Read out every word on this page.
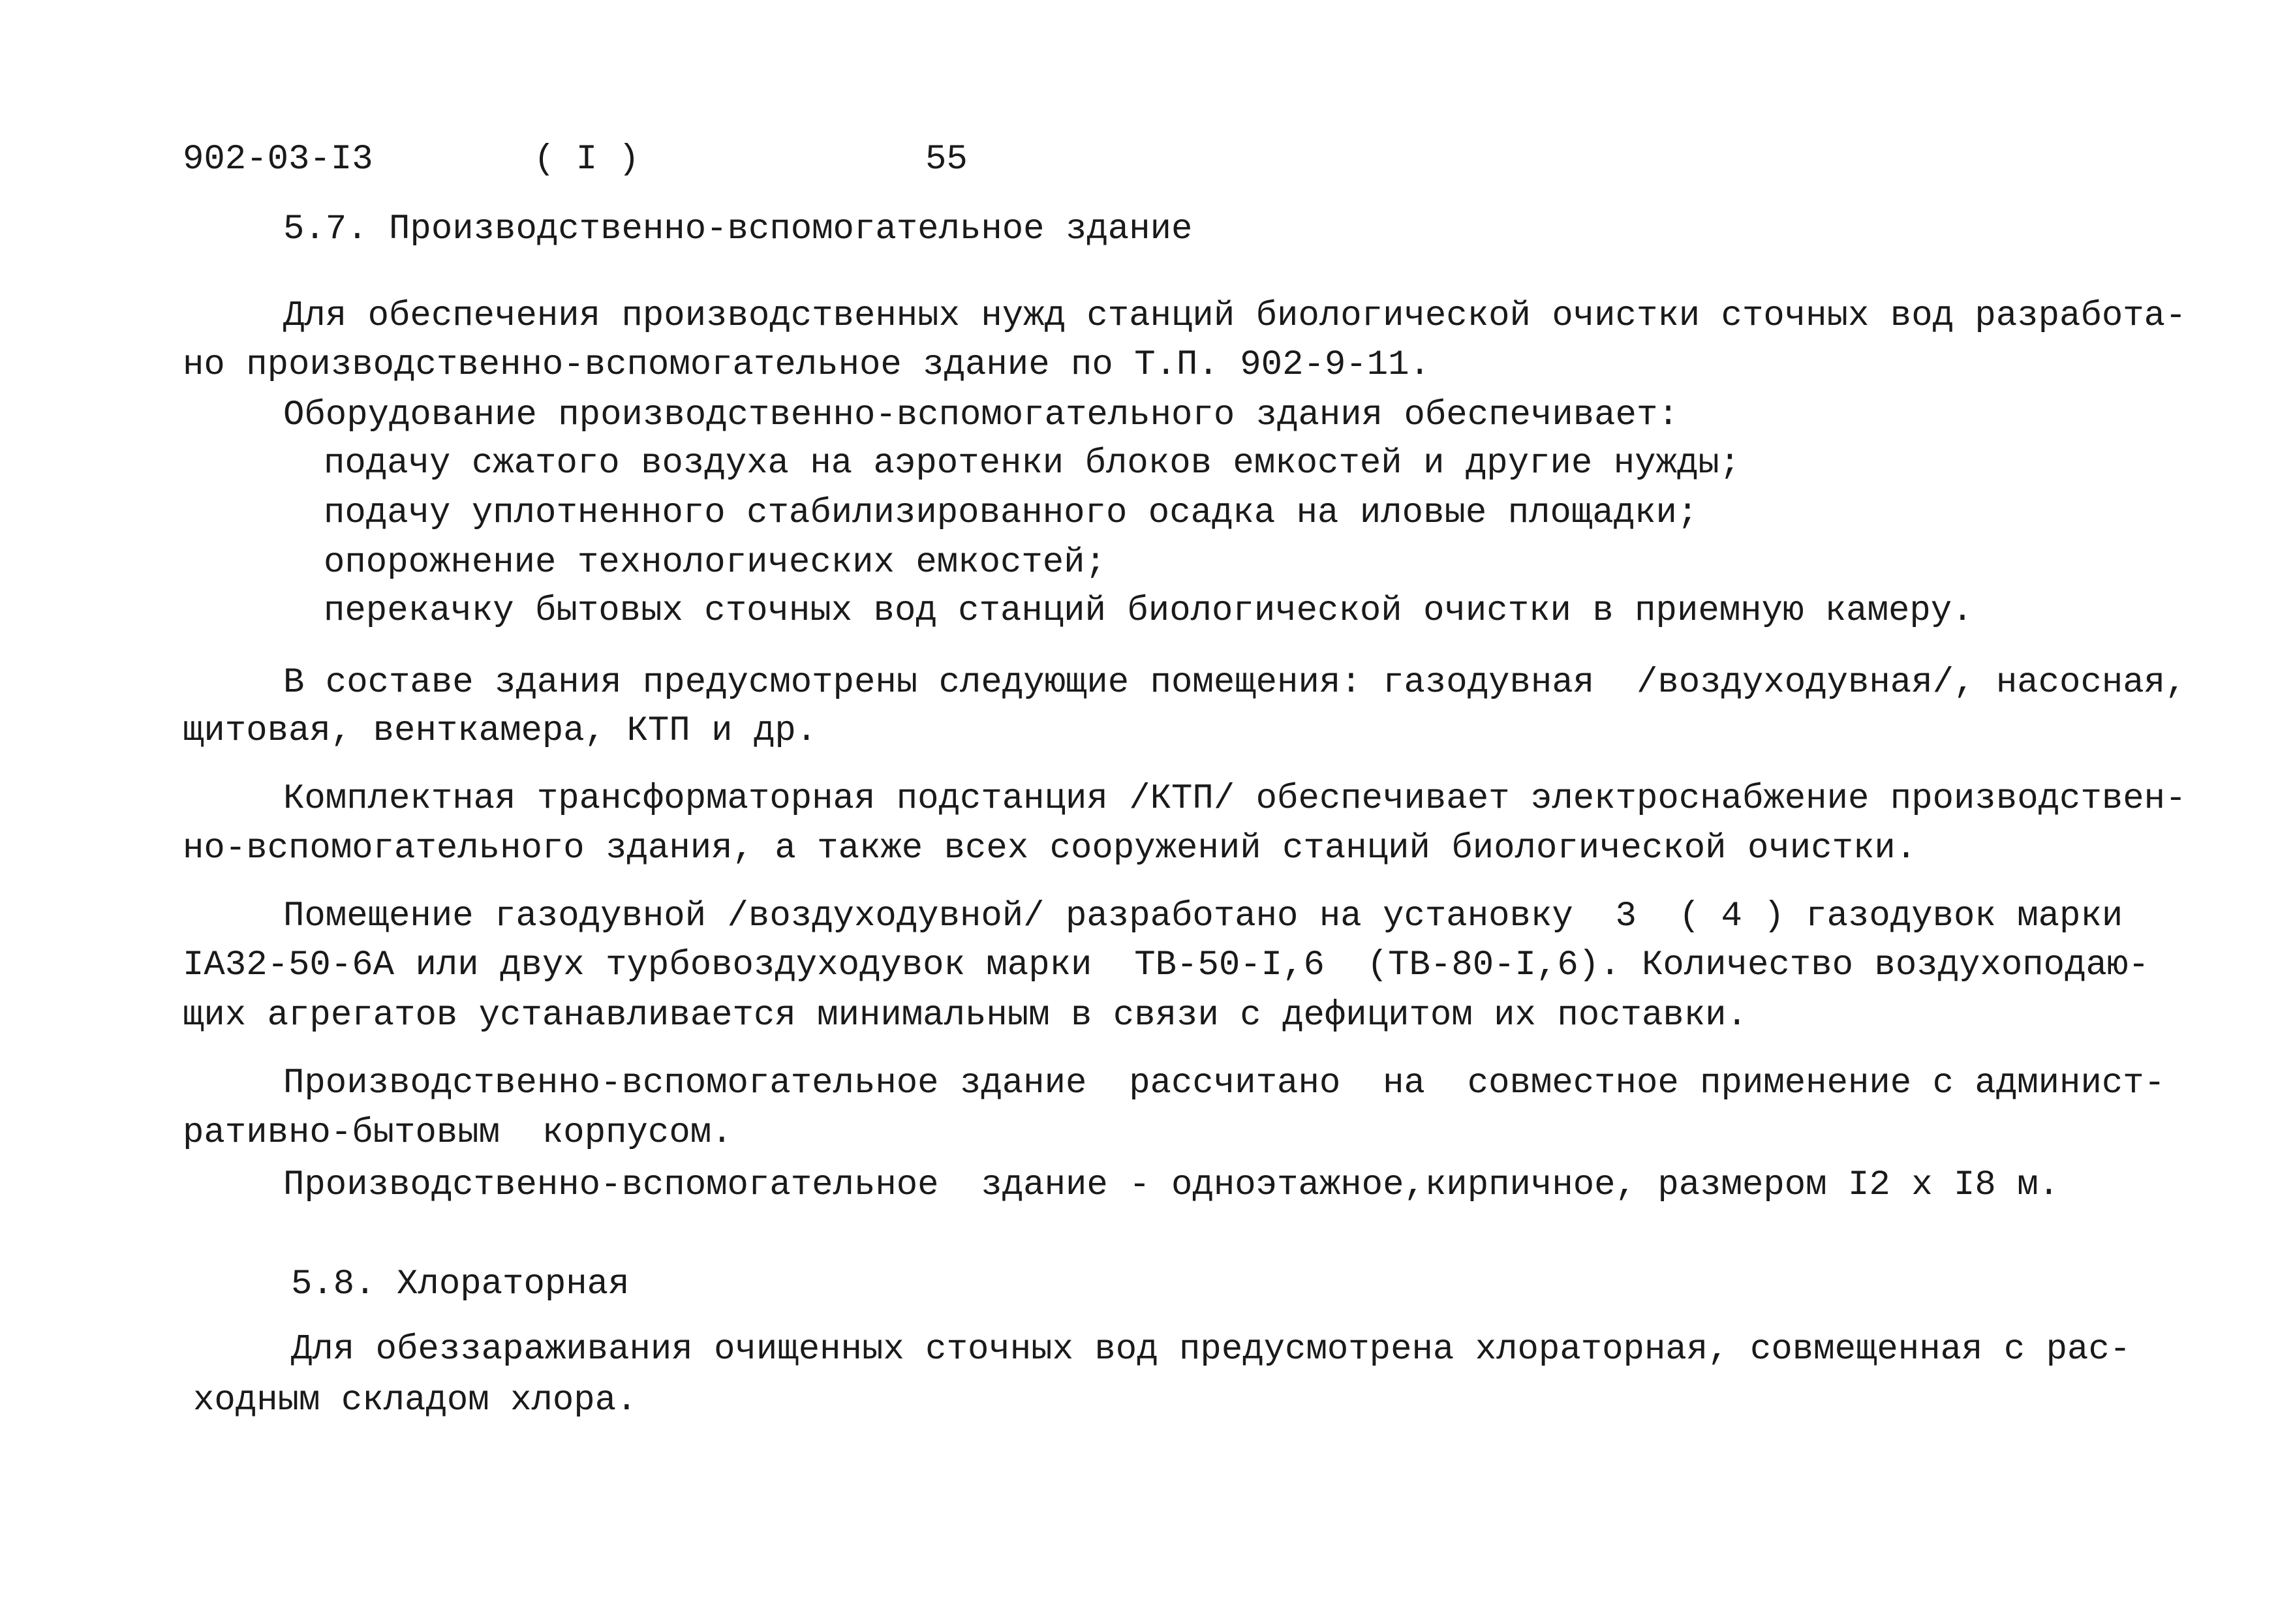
902-03-I3	( I )	55
5.7. Производственно-вспомогательное здание
Для обеспечения производственных нужд станций биологической очистки сточных вод разработа-
но производственно-вспомогательное здание по Т.П. 902-9-11.
Оборудование производственно-вспомогательного здания обеспечивает:
подачу сжатого воздуха на аэротенки блоков емкостей и другие нужды;
подачу уплотненного стабилизированного осадка на иловые площадки;
опорожнение технологических емкостей;
перекачку бытовых сточных вод станций биологической очистки в приемную камеру.
В составе здания предусмотрены следующие помещения: газодувная  /воздуходувная/, насосная,
щитовая, венткамера, КТП и др.
Комплектная трансформаторная подстанция /КТП/ обеспечивает электроснабжение производствен-
но-вспомогательного здания, а также всех сооружений станций биологической очистки.
Помещение газодувной /воздуходувной/ разработано на установку  3  ( 4 ) газодувок марки
IA32-50-6A или двух турбовоздуходувок марки  ТВ-50-I,6  (ТВ-80-I,6). Количество воздухоподаю-
щих агрегатов устанавливается минимальным в связи с дефицитом их поставки.
Производственно-вспомогательное здание  рассчитано  на  совместное применение с админист-
ративно-бытовым  корпусом.
Производственно-вспомогательное  здание - одноэтажное,кирпичное, размером I2 x I8 м.
5.8. Хлораторная
Для обеззараживания очищенных сточных вод предусмотрена хлораторная, совмещенная с рас-
ходным складом хлора.
